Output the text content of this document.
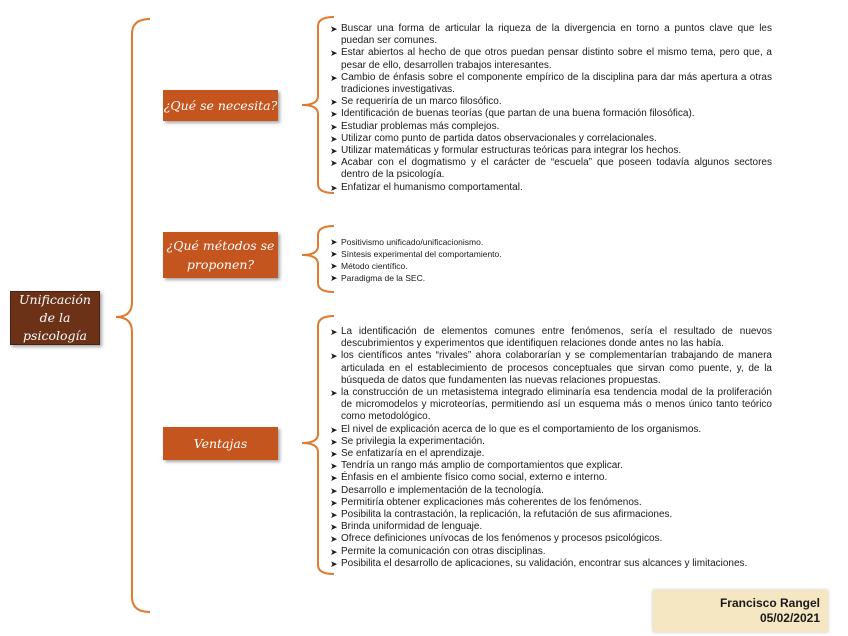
Unificación de la psicología
¿Qué se necesita?
¿Qué métodos se proponen?
Ventajas
➤ Buscar una forma de articular la riqueza de la divergencia en torno a puntos clave que les puedan ser comunes.
➤ Estar abiertos al hecho de que otros puedan pensar distinto sobre el mismo tema, pero que, a pesar de ello, desarrollen trabajos interesantes.
➤ Cambio de énfasis sobre el componente empírico de la disciplina para dar más apertura a otras tradiciones investigativas.
➤ Se requeriría de un marco filosófico.
➤ Identificación de buenas teorías (que partan de una buena formación filosófica).
➤ Estudiar problemas más complejos.
➤ Utilizar como punto de partida datos observacionales y correlacionales.
➤ Utilizar matemáticas y formular estructuras teóricas para integrar los hechos.
➤ Acabar con el dogmatismo y el carácter de “escuela” que poseen todavía algunos sectores dentro de la psicología.
➤ Enfatizar el humanismo comportamental.
➤ Positivismo unificado/unificacionismo.
➤ Síntesis experimental del comportamiento.
➤ Método científico.
➤ Paradigma de la SEC.
➤ La identificación de elementos comunes entre fenómenos, sería el resultado de nuevos descubrimientos y experimentos que identifiquen relaciones donde antes no las había.
➤ los científicos antes “rivales” ahora colaborarían y se complementarían trabajando de manera articulada en el establecimiento de procesos conceptuales que sirvan como puente, y, de la búsqueda de datos que fundamenten las nuevas relaciones propuestas.
➤ la construcción de un metasistema integrado eliminaría esa tendencia modal de la proliferación de micromodelos y microteorías, permitiendo así un esquema más o menos único tanto teórico como metodológico.
➤ El nivel de explicación acerca de lo que es el comportamiento de los organismos.
➤ Se privilegia la experimentación.
➤ Se enfatizaría en el aprendizaje.
➤ Tendría un rango más amplio de comportamientos que explicar.
➤ Énfasis en el ambiente físico como social, externo e interno.
➤ Desarrollo e implementación de la tecnología.
➤ Permitiría obtener explicaciones más coherentes de los fenómenos.
➤ Posibilita la contrastación, la replicación, la refutación de sus afirmaciones.
➤ Brinda uniformidad de lenguaje.
➤ Ofrece definiciones unívocas de los fenómenos y procesos psicológicos.
➤ Permite la comunicación con otras disciplinas.
➤ Posibilita el desarrollo de aplicaciones, su validación, encontrar sus alcances y limitaciones.
Francisco Rangel
05/02/2021
